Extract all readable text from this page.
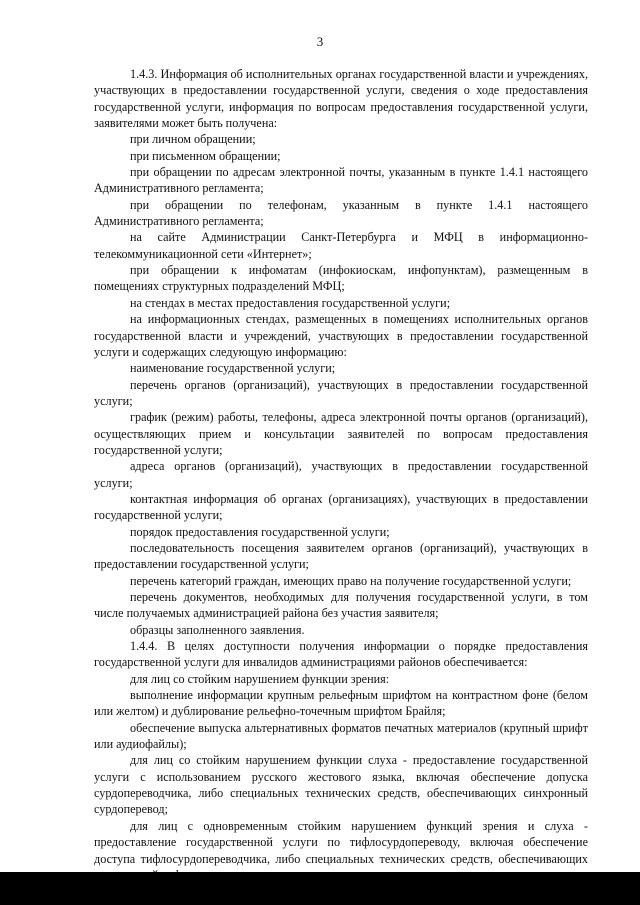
3

1.4.3. Информация об исполнительных органах государственной власти и учреждениях, участвующих в предоставлении государственной услуги, сведения о ходе предоставления государственной услуги, информация по вопросам предоставления государственной услуги, заявителями может быть получена:

при личном обращении;

при письменном обращении;

при обращении по адресам электронной почты, указанным в пункте 1.4.1 настоящего Административного регламента;

при обращении по телефонам, указанным в пункте 1.4.1 настоящего Административного регламента;

на сайте Администрации Санкт-Петербурга и МФЦ в информационно-телекоммуникационной сети «Интернет»;

при обращении к инфоматам (инфокиоскам, инфопунктам), размещенным в помещениях структурных подразделений МФЦ;

на стендах в местах предоставления государственной услуги;

на информационных стендах, размещенных в помещениях исполнительных органов государственной власти и учреждений, участвующих в предоставлении государственной услуги и содержащих следующую информацию:

наименование государственной услуги;

перечень органов (организаций), участвующих в предоставлении государственной услуги;

график (режим) работы, телефоны, адреса электронной почты органов (организаций), осуществляющих прием и консультации заявителей по вопросам предоставления государственной услуги;

адреса органов (организаций), участвующих в предоставлении государственной услуги;

контактная информация об органах (организациях), участвующих в предоставлении государственной услуги;

порядок предоставления государственной услуги;

последовательность посещения заявителем органов (организаций), участвующих в предоставлении государственной услуги;

перечень категорий граждан, имеющих право на получение государственной услуги;

перечень документов, необходимых для получения государственной услуги, в том числе получаемых администрацией района без участия заявителя;

образцы заполненного заявления.

1.4.4. В целях доступности получения информации о порядке предоставления государственной услуги для инвалидов администрациями районов обеспечивается:

для лиц со стойким нарушением функции зрения:

выполнение информации крупным рельефным шрифтом на контрастном фоне (белом или желтом) и дублирование рельефно-точечным шрифтом Брайля;

обеспечение выпуска альтернативных форматов печатных материалов (крупный шрифт или аудиофайлы);

для лиц со стойким нарушением функции слуха - предоставление государственной услуги с использованием русского жестового языка, включая обеспечение допуска сурдопереводчика, либо специальных технических средств, обеспечивающих синхронный сурдоперевод;

для лиц с одновременным стойким нарушением функций зрения и слуха - предоставление государственной услуги по тифлосурдопереводу, включая обеспечение доступа тифлосурдопереводчика, либо специальных технических средств, обеспечивающих
